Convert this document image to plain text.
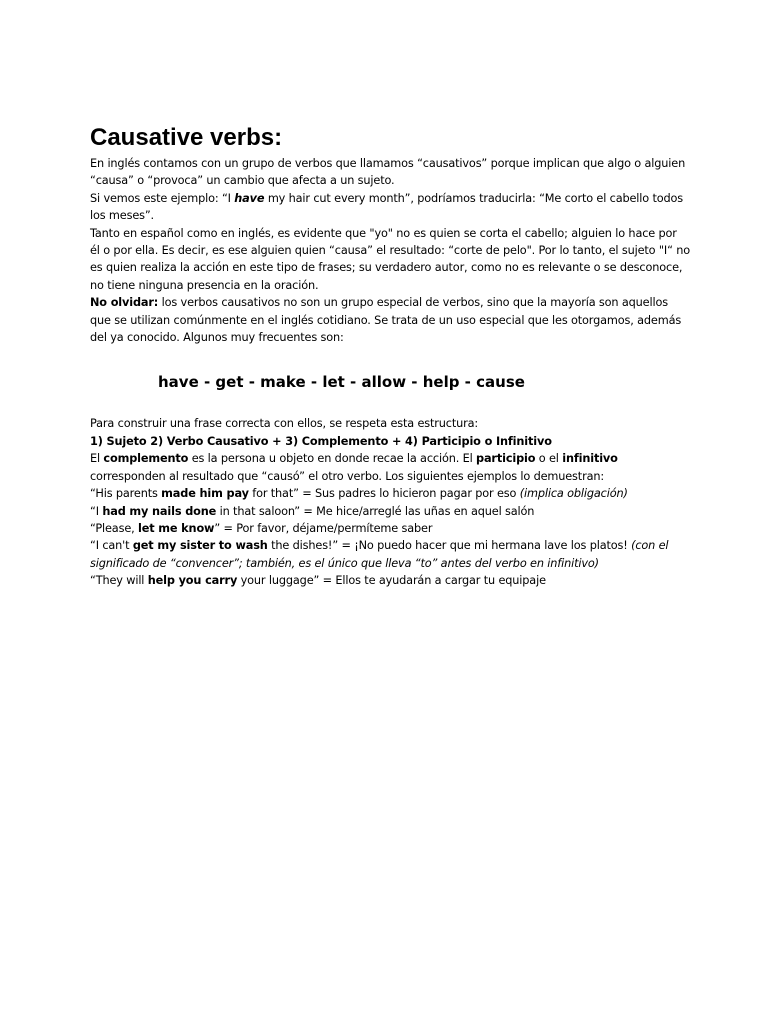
Causative verbs:

En inglés contamos con un grupo de verbos que llamamos “causativos” porque implican que algo o alguien “causa” o “provoca” un cambio que afecta a un sujeto.

Si vemos este ejemplo: “I have my hair cut every month”, podríamos traducirla: “Me corto el cabello todos los meses”.

Tanto en español como en inglés, es evidente que "yo" no es quien se corta el cabello; alguien lo hace por él o por ella. Es decir, es ese alguien quien “causa” el resultado: “corte de pelo". Por lo tanto, el sujeto "I“ no es quien realiza la acción en este tipo de frases; su verdadero autor, como no es relevante o se desconoce, no tiene ninguna presencia en la oración.

No olvidar: los verbos causativos no son un grupo especial de verbos, sino que la mayoría son aquellos que se utilizan comúnmente en el inglés cotidiano. Se trata de un uso especial que les otorgamos, además del ya conocido. Algunos muy frecuentes son:

have - get - make - let - allow - help - cause

Para construir una frase correcta con ellos, se respeta esta estructura:

1) Sujeto 2) Verbo Causativo + 3) Complemento + 4) Participio o Infinitivo

El complemento es la persona u objeto en donde recae la acción. El participio o el infinitivo corresponden al resultado que “causó” el otro verbo. Los siguientes ejemplos lo demuestran:

“His parents made him pay for that” = Sus padres lo hicieron pagar por eso (implica obligación)

“I had my nails done in that saloon” = Me hice/arreglé las uñas en aquel salón

“Please, let me know” = Por favor, déjame/permíteme saber

“I can't get my sister to wash the dishes!” = ¡No puedo hacer que mi hermana lave los platos! (con el significado de “convencer”; también, es el único que lleva “to” antes del verbo en infinitivo)

“They will help you carry your luggage” = Ellos te ayudarán a cargar tu equipaje
